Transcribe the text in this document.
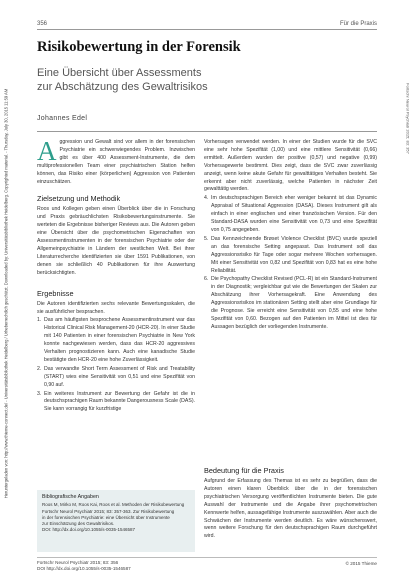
Heruntergeladen von: http://www.thieme-connect.de/ - Universitätsbibliothek Heidelberg / Urheberrechtlich geschützt. Downloaded by: Universitätsbibliothek Heidelberg. Copyrighted material. - Thursday, July 30, 2015 11:59 AM	Fortschr Neurol Psychiatr 2015; 83: 357
356	Für die Praxis
Risikobewertung in der Forensik
Eine Übersicht über Assessments
zur Abschätzung des Gewaltrisikos
Johannes Edel

Aggression und Gewalt sind vor allem in der forensischen Psychiatrie ein schwerwiegendes Problem. Inzwischen gibt es über 400 Assessment-Instrumente, die dem multiprofessionellen Team einer psychiatrischen Station helfen können, das Risiko einer (körperlichen) Aggression von Patienten einzuschätzen.

Zielsetzung und Methodik

Roos und Kollegen geben einen Überblick über die in Forschung und Praxis gebräuchlichsten Risikobewertungsinstrumente. Sie werteten die Ergebnisse bisheriger Reviews aus. Die Autoren geben eine Übersicht über die psychometrischen Eigenschaften von Assessmentinstrumenten in der forensischen Psychiatrie oder der Allgemeinpsychiatrie in Ländern der westlichen Welt. Bei ihrer Literaturrecherche identifizierten sie über 1591 Publikationen, von denen sie schließlich 40 Publikationen für ihre Auswertung berücksichtigten.

Ergebnisse

Die Autoren identifizierten sechs relevante Bewertungsskalen, die sie ausführlicher besprachen.

1. Das am häufigsten besprochene Assessmentinstrument war das Historical Clinical Risk Management-20 (HCR-20). In einer Studie mit 140 Patienten in einer forensischen Psychiatrie in New York konnte nachgewiesen werden, dass das HCR-20 aggressives Verhalten prognostizieren kann. Auch eine kanadische Studie bestätigte den HCR-20 eine hohe Zuverlässigkeit.
2. Das verwandte Short Term Assessment of Risk and Treatability (START) wies eine Sensitivität von 0,51 und eine Spezifität von 0,90 auf.
3. Ein weiteres Instrument zur Bewertung der Gefahr ist die in deutschsprachigen Raum bekannte Dangerousness Scale (DAS). Sie kann vorrangig für kurzfristige
Bibliografische Angaben
Roos M, Mirko M, Roos Kai, Roos et al. Methoden der Risikobewertung
Fortschr Neurol Psychiatr 2015; 83: 357-363. Zur Risikobewertung
in der forensischen Psychiatrie: eine Übersicht über Instrumente
zur Einschätzung des Gewaltrisikos.
DOI: http://dx.doi.org/10.1055/s-0035-1546587

Vorhersagen verwendet werden. In einer der Studien wurde für die SVC eine sehr hohe Spezifität (1,00) und eine mittlere Sensitivität (0,66) ermittelt. Außerdem wurden der positive (0,57) und negative (0,99) Vorhersagewerte bestimmt. Dies zeigt, dass die SVC zwar zuverlässig anzeigt, wenn keine akute Gefahr für gewalttätiges Verhalten besteht. Sie erkennt aber nicht zuverlässig, welche Patienten in nächster Zeit gewalttätig werden.

4. Im deutschsprachigen Bereich eher weniger bekannt ist das Dynamic Appraisal of Situational Aggression (DASA). Dieses Instrument gilt als einfach in einer englischen und einer französischen Version. Für den Standard-DASA wurden eine Sensitivität von 0,73 und eine Spezifität von 0,75 angegeben.
5. Das Kennzeichnende Brøset Violence Checklist (BVC) wurde speziell an das forensische Setting angepasst. Das Instrument soll das Aggressionsrisiko für Tage oder sogar mehrere Wochen vorhersagen. Mit einer Sensitivität von 0,82 und Spezifität von 0,83 hat es eine hohe Reliabilität.
6. Die Psychopathy Checklist Revised (PCL-R) ist ein Standard-Instrument in der Diagnostik; vergleichbar gut wie die Bewertungen der Skalen zur Abschätzung ihrer Vorhersagekraft. Eine Anwendung des Aggressionsrisikos im stationären Setting stellt aber eine Grundlage für die Prognose. Sie erreicht eine Sensitivität von 0,55 und eine hohe Spezifität von 0,60. Bezogen auf den Patienten im Mittel ist dies für Aussagen bezüglich der vorliegenden Instrumente.
Bedeutung für die Praxis
Aufgrund der Erfassung des Themas ist es sehr zu begrüßen, dass die Autoren einen klaren Überblick über die in der forensischen psychiatrischen Versorgung veröffentlichten Instrumente bieten. Die gute Auswahl der Instrumente und die Angabe ihrer psychometrischen Kennwerte helfen, aussagefähige Instrumente auszuwählen. Aber auch die Schwächen der Instrumente werden deutlich. Es wäre wünschenswert, wenn weitere Forschung für den deutschsprachigen Raum durchgeführt wird.
Fortschr Neurol Psychiatr 2015; 83: 356
DOI http://dx.doi.org/10.1055/s-0035-1546587
© 2015 Thieme
